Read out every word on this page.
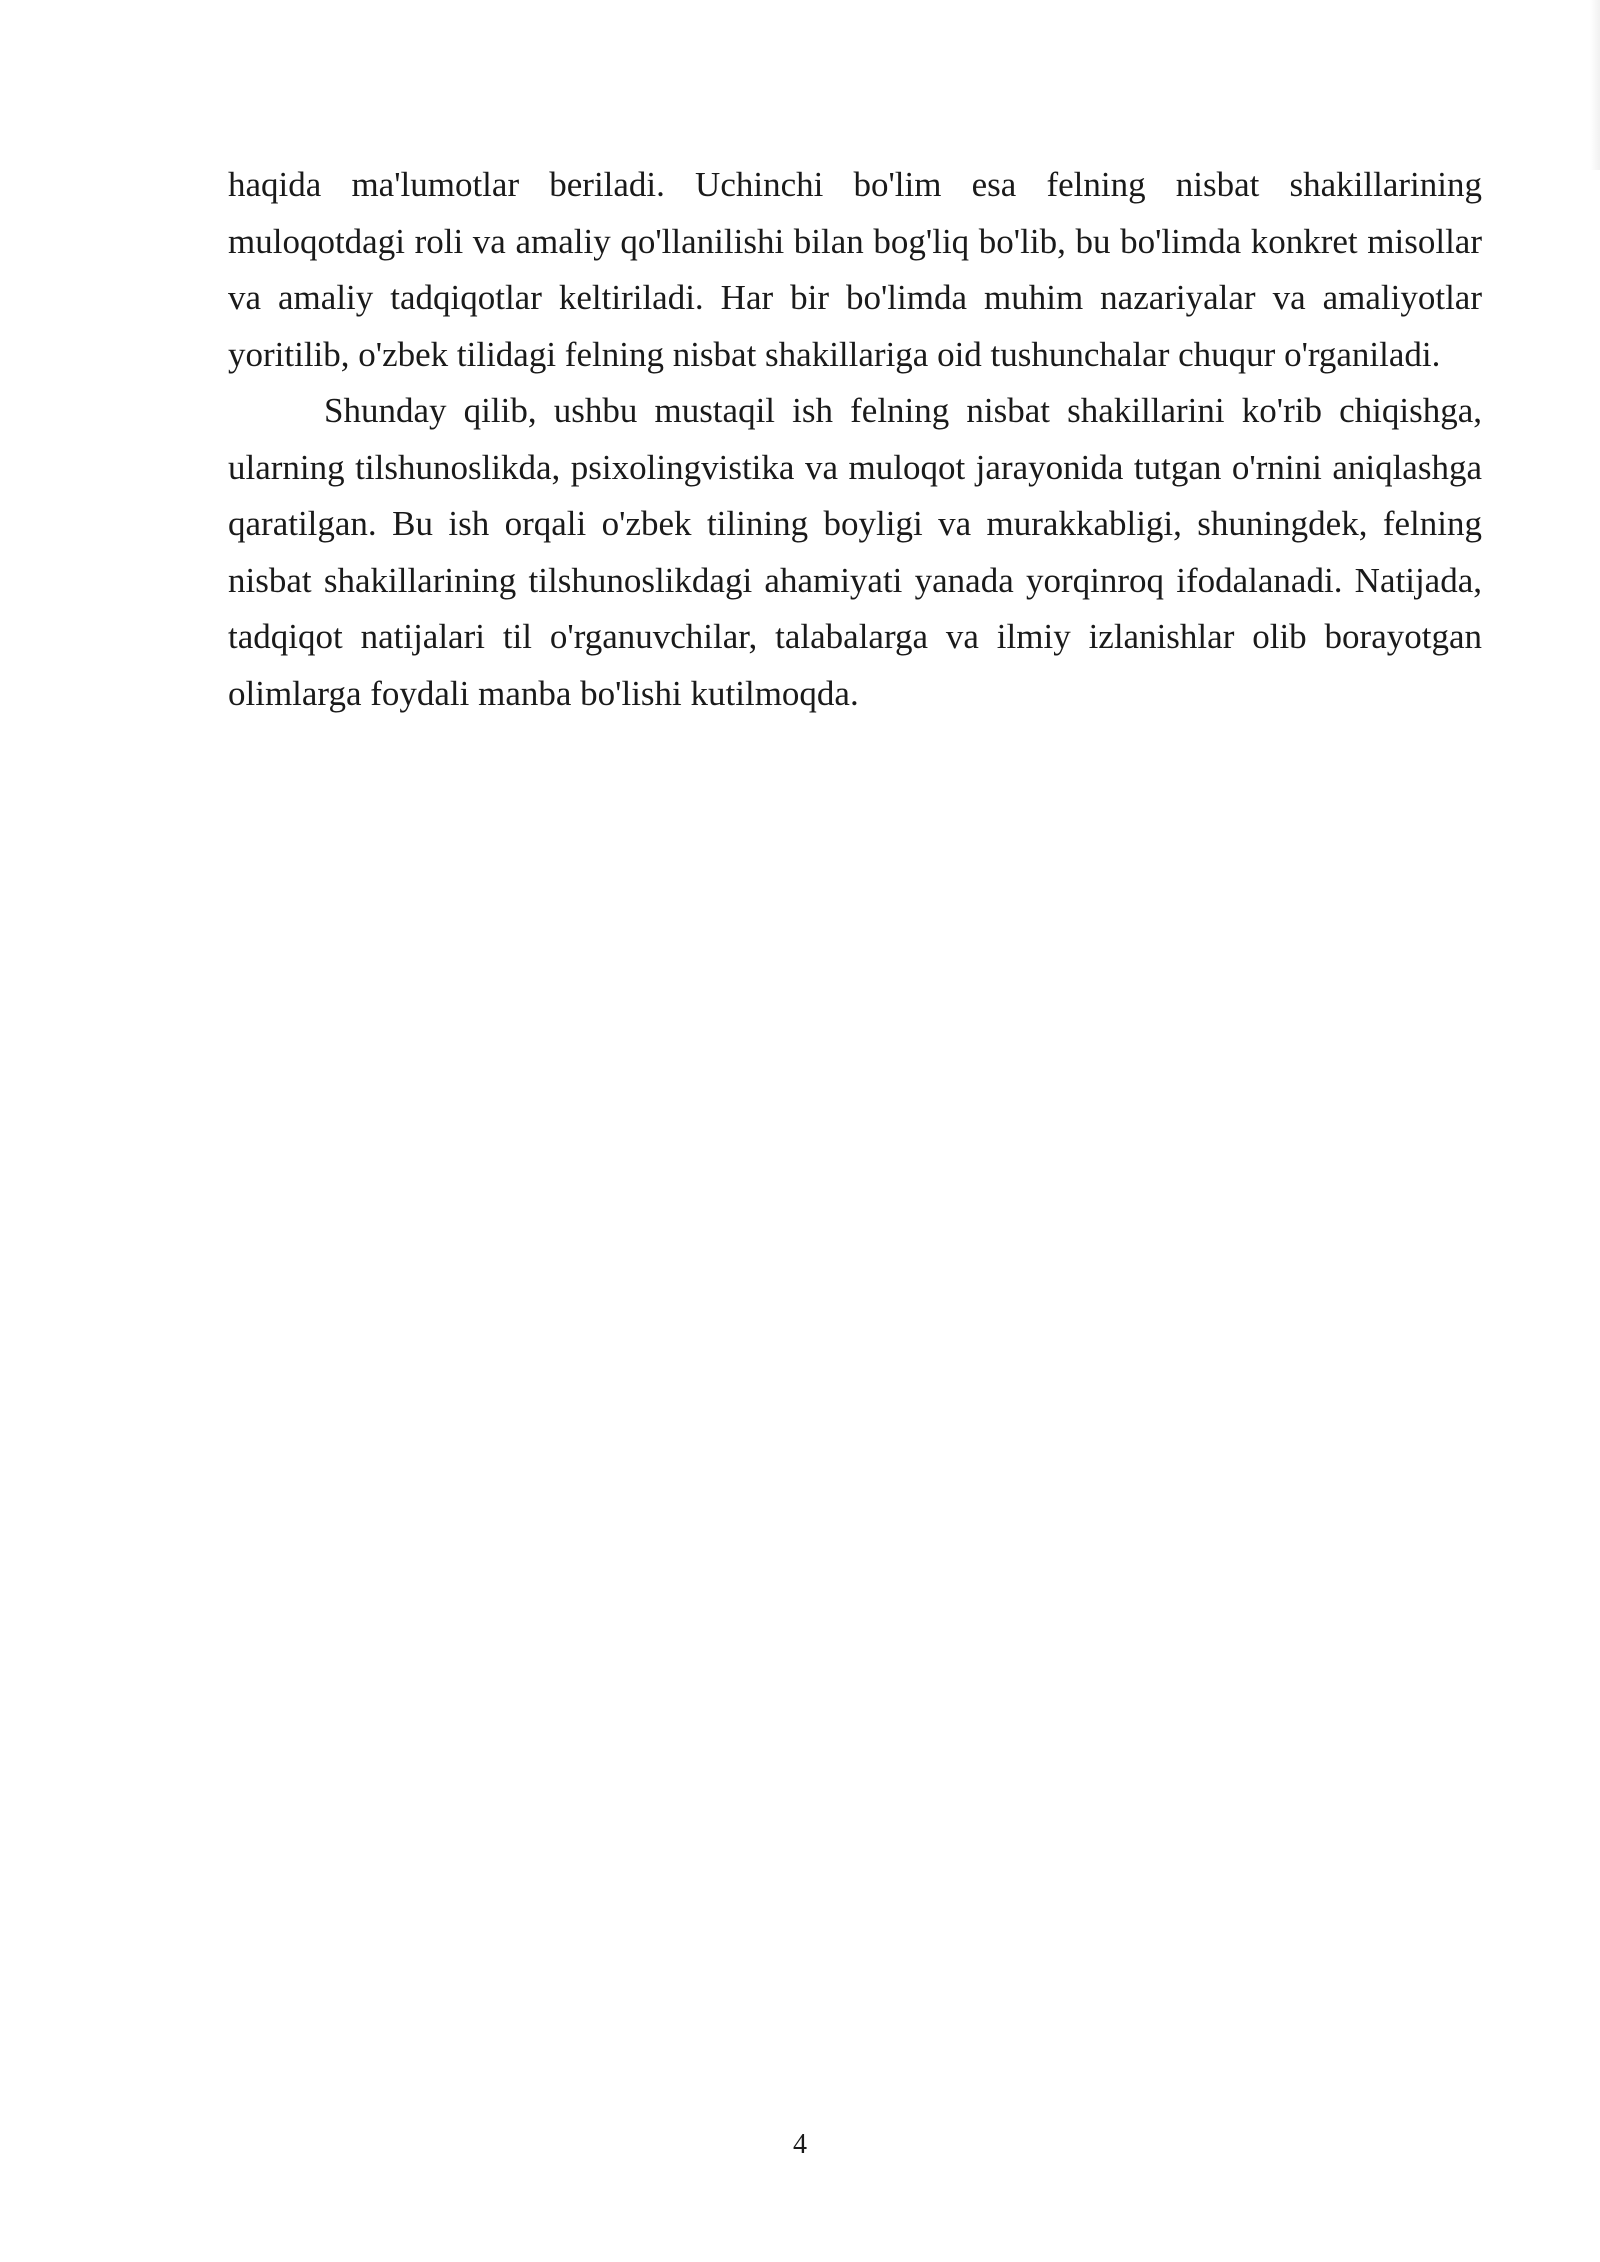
haqida ma'lumotlar beriladi. Uchinchi bo'lim esa felning nisbat shakillarining muloqotdagi roli va amaliy qo'llanilishi bilan bog'liq bo'lib, bu bo'limda konkret misollar va amaliy tadqiqotlar keltiriladi. Har bir bo'limda muhim nazariyalar va amaliyotlar yoritilib, o'zbek tilidagi felning nisbat shakillariga oid tushunchalar chuqur o'rganiladi.

Shunday qilib, ushbu mustaqil ish felning nisbat shakillarini ko'rib chiqishga, ularning tilshunoslikda, psixolingvistika va muloqot jarayonida tutgan o'rnini aniqlashga qaratilgan. Bu ish orqali o'zbek tilining boyligi va murakkabligi, shuningdek, felning nisbat shakillarining tilshunoslikdagi ahamiyati yanada yorqinroq ifodalanadi. Natijada, tadqiqot natijalari til o'rganuvchilar, talabalarga va ilmiy izlanishlar olib borayotgan olimlarga foydali manba bo'lishi kutilmoqda.

4
